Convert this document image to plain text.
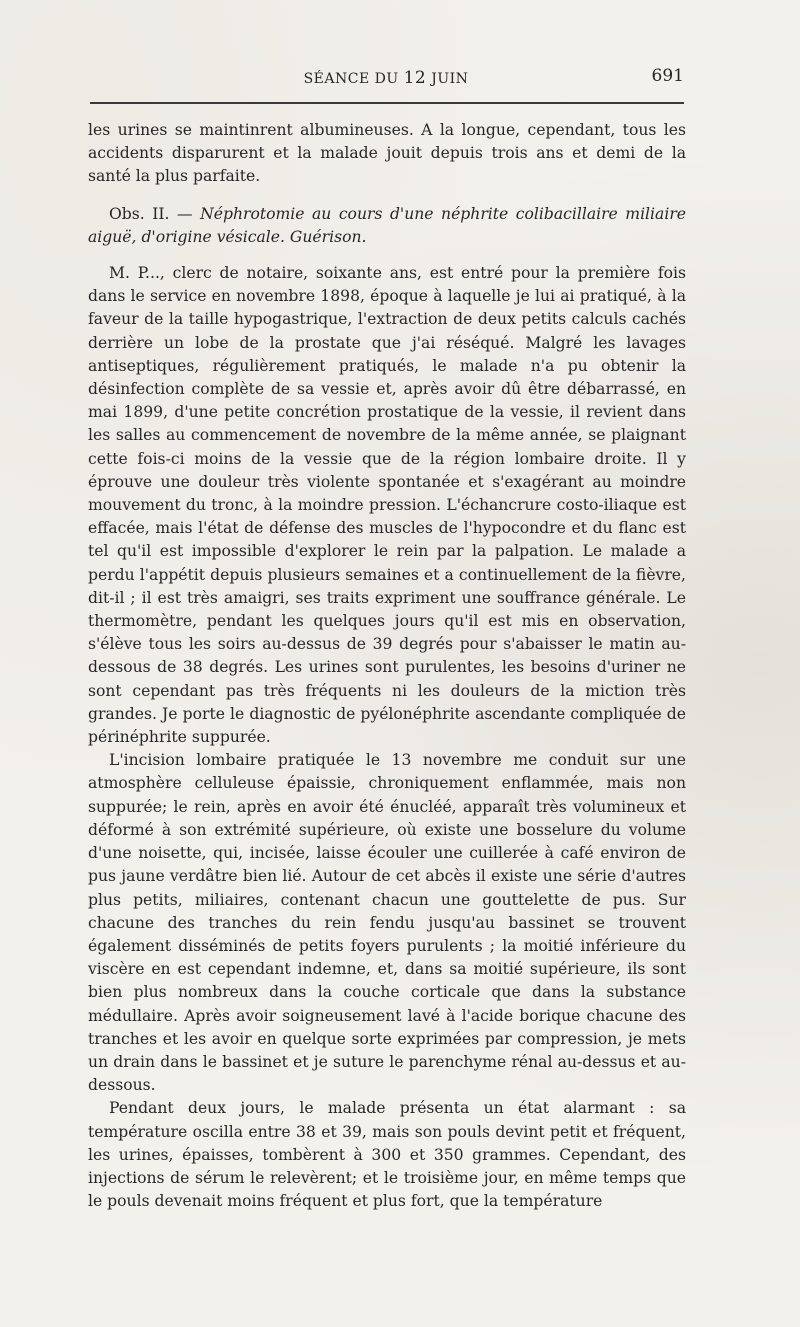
SÉANCE DU 12 JUIN	691

les urines se maintinrent albumineuses. A la longue, cependant, tous les accidents disparurent et la malade jouit depuis trois ans et demi de la santé la plus parfaite.

Obs. II. — Néphrotomie au cours d'une néphrite colibacillaire miliaire aiguë, d'origine vésicale. Guérison.

M. P..., clerc de notaire, soixante ans, est entré pour la première fois dans le service en novembre 1898, époque à laquelle je lui ai pratiqué, à la faveur de la taille hypogastrique, l'extraction de deux petits calculs cachés derrière un lobe de la prostate que j'ai réséqué. Malgré les lavages antiseptiques, régulièrement pratiqués, le malade n'a pu obtenir la désinfection complète de sa vessie et, après avoir dû être débarrassé, en mai 1899, d'une petite concrétion prostatique de la vessie, il revient dans les salles au commencement de novembre de la même année, se plaignant cette fois-ci moins de la vessie que de la région lombaire droite. Il y éprouve une douleur très violente spontanée et s'exagérant au moindre mouvement du tronc, à la moindre pression. L'échancrure costo-iliaque est effacée, mais l'état de défense des muscles de l'hypocondre et du flanc est tel qu'il est impossible d'explorer le rein par la palpation. Le malade a perdu l'appétit depuis plusieurs semaines et a continuellement de la fièvre, dit-il ; il est très amaigri, ses traits expriment une souffrance générale. Le thermomètre, pendant les quelques jours qu'il est mis en observation, s'élève tous les soirs au-dessus de 39 degrés pour s'abaisser le matin au-dessous de 38 degrés. Les urines sont purulentes, les besoins d'uriner ne sont cependant pas très fréquents ni les douleurs de la miction très grandes. Je porte le diagnostic de pyélonéphrite ascendante compliquée de périnéphrite suppurée.

L'incision lombaire pratiquée le 13 novembre me conduit sur une atmosphère celluleuse épaissie, chroniquement enflammée, mais non suppurée; le rein, après en avoir été énucléé, apparaît très volumineux et déformé à son extrémité supérieure, où existe une bosselure du volume d'une noisette, qui, incisée, laisse écouler une cuillerée à café environ de pus jaune verdâtre bien lié. Autour de cet abcès il existe une série d'autres plus petits, miliaires, contenant chacun une gouttelette de pus. Sur chacune des tranches du rein fendu jusqu'au bassinet se trouvent également disséminés de petits foyers purulents ; la moitié inférieure du viscère en est cependant indemne, et, dans sa moitié supérieure, ils sont bien plus nombreux dans la couche corticale que dans la substance médullaire. Après avoir soigneusement lavé à l'acide borique chacune des tranches et les avoir en quelque sorte exprimées par compression, je mets un drain dans le bassinet et je suture le parenchyme rénal au-dessus et au-dessous.

Pendant deux jours, le malade présenta un état alarmant : sa température oscilla entre 38 et 39, mais son pouls devint petit et fréquent, les urines, épaisses, tombèrent à 300 et 350 grammes. Cependant, des injections de sérum le relevèrent; et le troisième jour, en même temps que le pouls devenait moins fréquent et plus fort, que la température
